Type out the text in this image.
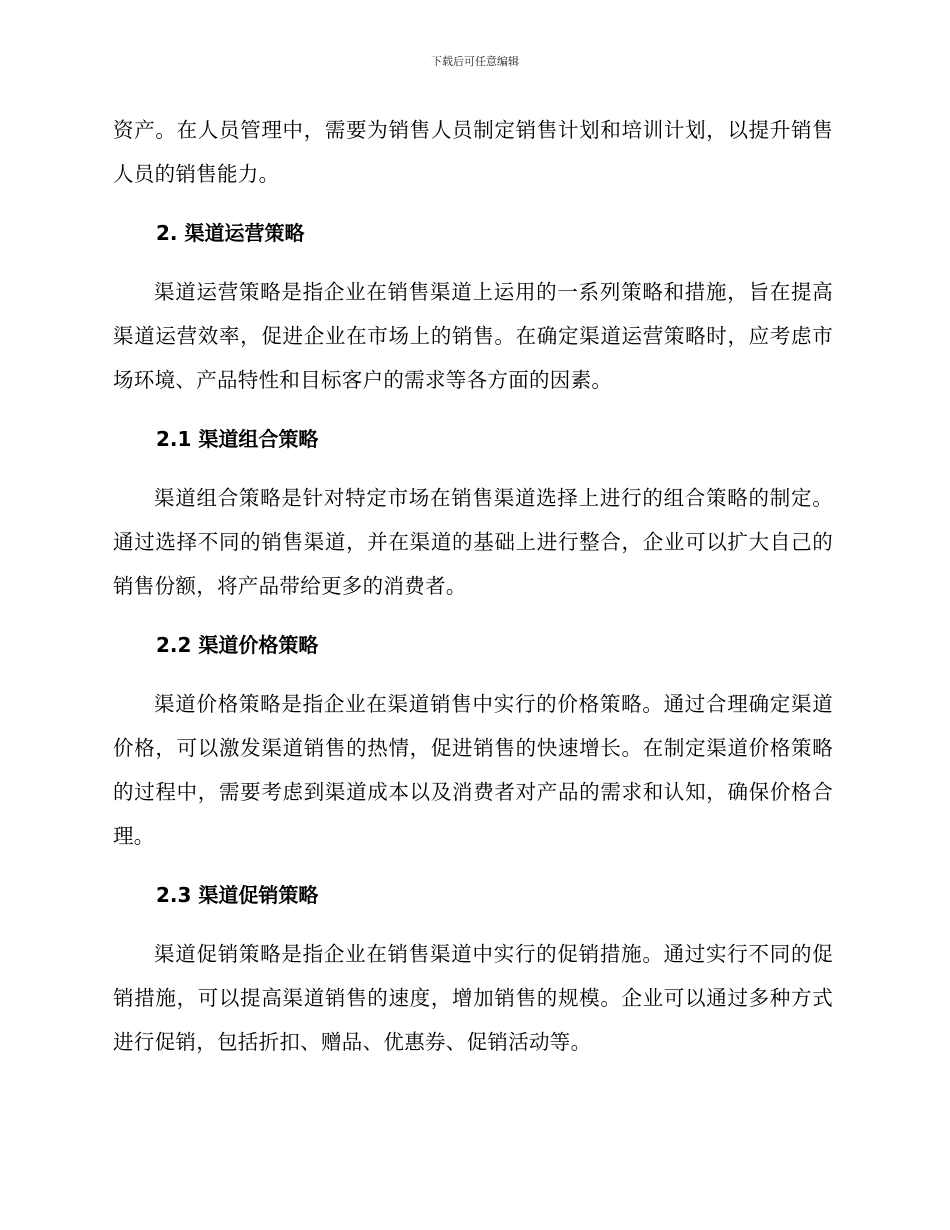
下载后可任意编辑

资产。在人员管理中，需要为销售人员制定销售计划和培训计划，以提升销售人员的销售能力。

2. 渠道运营策略

渠道运营策略是指企业在销售渠道上运用的一系列策略和措施，旨在提高渠道运营效率，促进企业在市场上的销售。在确定渠道运营策略时，应考虑市场环境、产品特性和目标客户的需求等各方面的因素。

2.1 渠道组合策略

渠道组合策略是针对特定市场在销售渠道选择上进行的组合策略的制定。通过选择不同的销售渠道，并在渠道的基础上进行整合，企业可以扩大自己的销售份额，将产品带给更多的消费者。

2.2 渠道价格策略

渠道价格策略是指企业在渠道销售中实行的价格策略。通过合理确定渠道价格，可以激发渠道销售的热情，促进销售的快速增长。在制定渠道价格策略的过程中，需要考虑到渠道成本以及消费者对产品的需求和认知，确保价格合理。

2.3 渠道促销策略

渠道促销策略是指企业在销售渠道中实行的促销措施。通过实行不同的促销措施，可以提高渠道销售的速度，增加销售的规模。企业可以通过多种方式进行促销，包括折扣、赠品、优惠券、促销活动等。
